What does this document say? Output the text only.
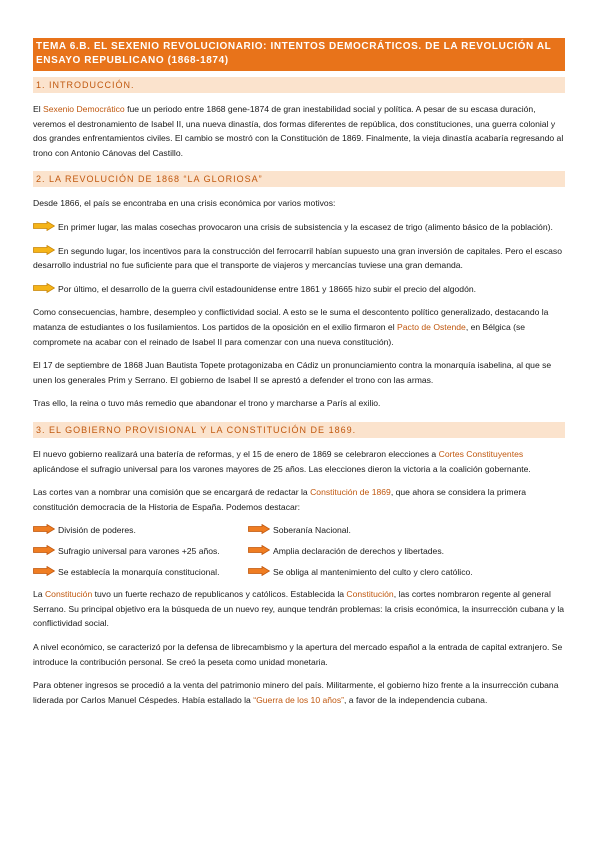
TEMA 6.B. EL SEXENIO REVOLUCIONARIO: INTENTOS DEMOCRÁTICOS. DE LA REVOLUCIÓN AL ENSAYO REPUBLICANO (1868-1874)
1. INTRODUCCIÓN.

El Sexenio Democrático fue un periodo entre 1868 gene-1874 de gran inestabilidad social y política. A pesar de su escasa duración, veremos el destronamiento de Isabel II, una nueva dinastía, dos formas diferentes de república, dos constituciones, una guerra colonial y dos grandes enfrentamientos civiles. El cambio se mostró con la Constitución de 1869. Finalmente, la vieja dinastía acabaría regresando al trono con Antonio Cánovas del Castillo.

2. LA REVOLUCIÓN DE 1868 “LA GLORIOSA”

Desde 1866, el país se encontraba en una crisis económica por varios motivos:

En primer lugar, las malas cosechas provocaron una crisis de subsistencia y la escasez de trigo (alimento básico de la población).

En segundo lugar, los incentivos para la construcción del ferrocarril habían supuesto una gran inversión de capitales. Pero el escaso desarrollo industrial no fue suficiente para que el transporte de viajeros y mercancías tuviese una gran demanda.

Por último, el desarrollo de la guerra civil estadounidense entre 1861 y 18665 hizo subir el precio del algodón.

Como consecuencias, hambre, desempleo y conflictividad social. A esto se le suma el descontento político generalizado, destacando la matanza de estudiantes o los fusilamientos. Los partidos de la oposición en el exilio firmaron el Pacto de Ostende, en Bélgica (se compromete na acabar con el reinado de Isabel II para comenzar con una nueva constitución).

El 17 de septiembre de 1868 Juan Bautista Topete protagonizaba en Cádiz un pronunciamiento contra la monarquía isabelina, al que se unen los generales Prim y Serrano. El gobierno de Isabel II se aprestó a defender el trono con las armas.

Tras ello, la reina o tuvo más remedio que abandonar el trono y marcharse a París al exilio.

3. EL GOBIERNO PROVISIONAL Y LA CONSTITUCIÓN DE 1869.

El nuevo gobierno realizará una batería de reformas, y el 15 de enero de 1869 se celebraron elecciones a Cortes Constituyentes aplicándose el sufragio universal para los varones mayores de 25 años. Las elecciones dieron la victoria a la coalición gobernante.

Las cortes van a nombrar una comisión que se encargará de redactar la Constitución de 1869, que ahora se considera la primera constitución democracia de la Historia de España. Podemos destacar:

División de poderes.	Soberanía Nacional.
Sufragio universal para varones +25 años.	Amplia declaración de derechos y libertades.
Se establecía la monarquía constitucional.	Se obliga al mantenimiento del culto y clero católico.

La Constitución tuvo un fuerte rechazo de republicanos y católicos. Establecida la Constitución, las cortes nombraron regente al general Serrano. Su principal objetivo era la búsqueda de un nuevo rey, aunque tendrán problemas: la crisis económica, la insurrección cubana y la conflictividad social.

A nivel económico, se caracterizó por la defensa de librecambismo y la apertura del mercado español a la entrada de capital extranjero. Se introduce la contribución personal. Se creó la peseta como unidad monetaria.

Para obtener ingresos se procedió a la venta del patrimonio minero del país. Militarmente, el gobierno hizo frente a la insurrección cubana liderada por Carlos Manuel Céspedes. Había estallado la “Guerra de los 10 años”, a favor de la independencia cubana.
